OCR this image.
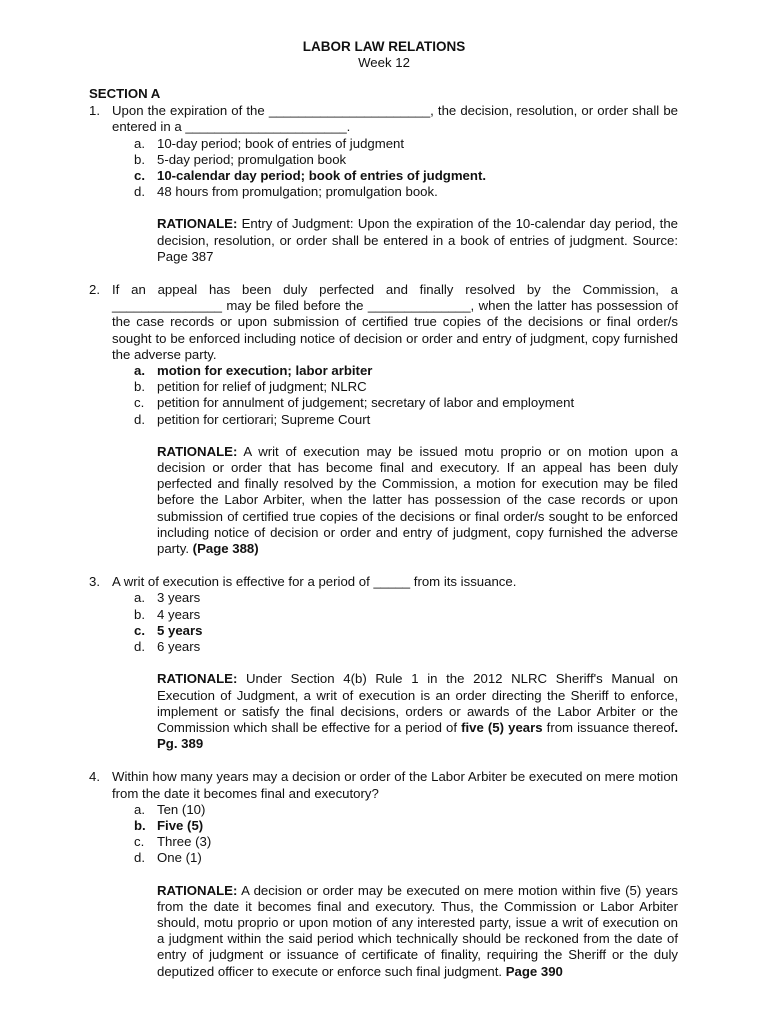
LABOR LAW RELATIONS
Week 12
SECTION A
1. Upon the expiration of the ______________________, the decision, resolution, or order shall be entered in a ______________________.
a. 10-day period; book of entries of judgment
b. 5-day period; promulgation book
c. 10-calendar day period; book of entries of judgment.
d. 48 hours from promulgation; promulgation book.
RATIONALE: Entry of Judgment: Upon the expiration of the 10-calendar day period, the decision, resolution, or order shall be entered in a book of entries of judgment. Source: Page 387
2. If an appeal has been duly perfected and finally resolved by the Commission, a _______________ may be filed before the ______________, when the latter has possession of the case records or upon submission of certified true copies of the decisions or final order/s sought to be enforced including notice of decision or order and entry of judgment, copy furnished the adverse party.
a. motion for execution; labor arbiter
b. petition for relief of judgment; NLRC
c. petition for annulment of judgement; secretary of labor and employment
d. petition for certiorari; Supreme Court
RATIONALE: A writ of execution may be issued motu proprio or on motion upon a decision or order that has become final and executory. If an appeal has been duly perfected and finally resolved by the Commission, a motion for execution may be filed before the Labor Arbiter, when the latter has possession of the case records or upon submission of certified true copies of the decisions or final order/s sought to be enforced including notice of decision or order and entry of judgment, copy furnished the adverse party. (Page 388)
3. A writ of execution is effective for a period of _____ from its issuance.
a. 3 years
b. 4 years
c. 5 years
d. 6 years
RATIONALE: Under Section 4(b) Rule 1 in the 2012 NLRC Sheriff's Manual on Execution of Judgment, a writ of execution is an order directing the Sheriff to enforce, implement or satisfy the final decisions, orders or awards of the Labor Arbiter or the Commission which shall be effective for a period of five (5) years from issuance thereof. Pg. 389
4. Within how many years may a decision or order of the Labor Arbiter be executed on mere motion from the date it becomes final and executory?
a. Ten (10)
b. Five (5)
c. Three (3)
d. One (1)
RATIONALE: A decision or order may be executed on mere motion within five (5) years from the date it becomes final and executory. Thus, the Commission or Labor Arbiter should, motu proprio or upon motion of any interested party, issue a writ of execution on a judgment within the said period which technically should be reckoned from the date of entry of judgment or issuance of certificate of finality, requiring the Sheriff or the duly deputized officer to execute or enforce such final judgment. Page 390
